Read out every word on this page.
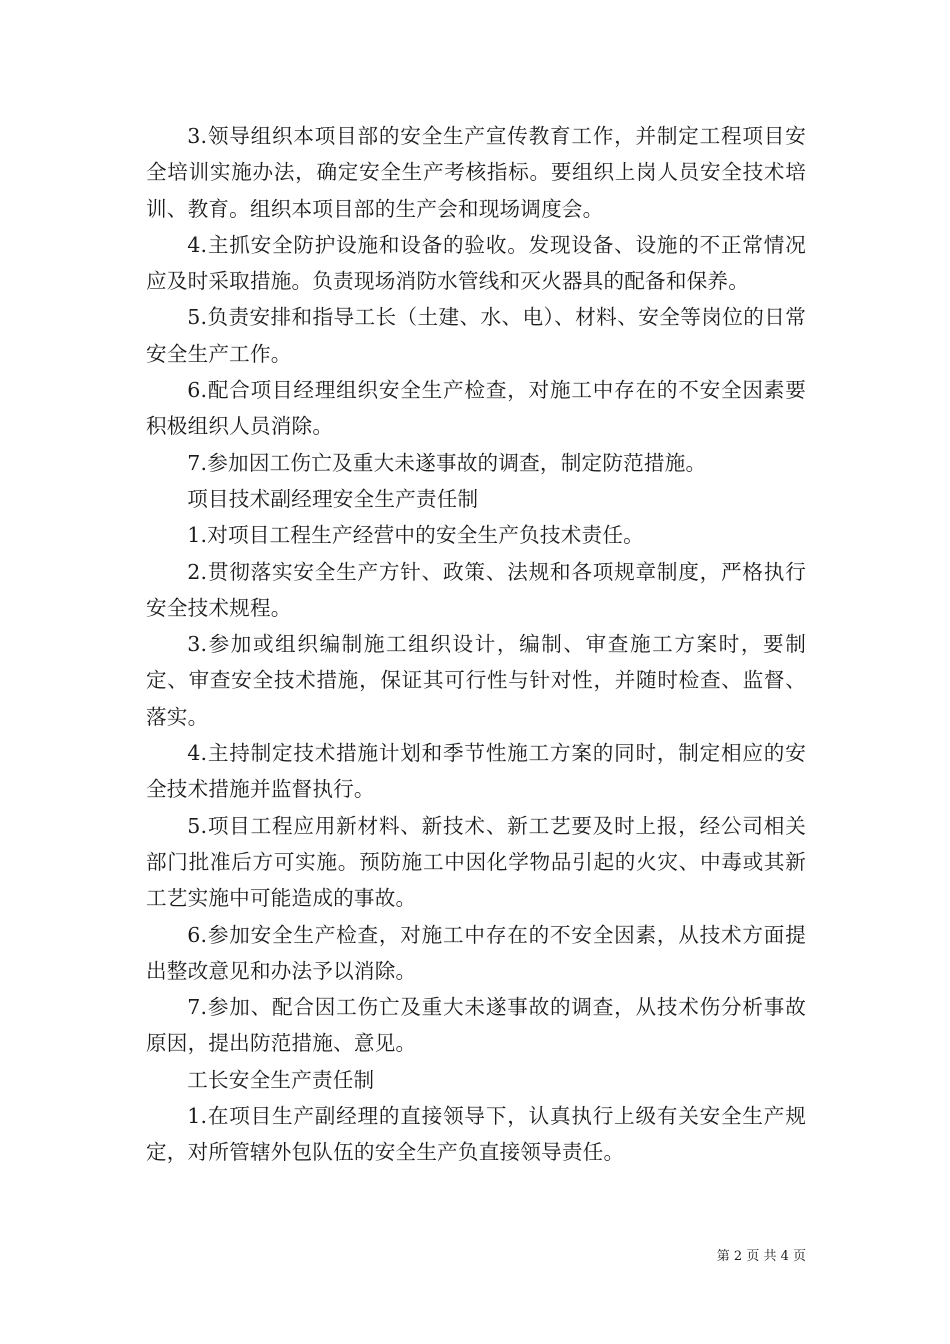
3.领导组织本项目部的安全生产宣传教育工作，并制定工程项目安全培训实施办法，确定安全生产考核指标。要组织上岗人员安全技术培训、教育。组织本项目部的生产会和现场调度会。

4.主抓安全防护设施和设备的验收。发现设备、设施的不正常情况应及时采取措施。负责现场消防水管线和灭火器具的配备和保养。

5.负责安排和指导工长（土建、水、电）、材料、安全等岗位的日常安全生产工作。

6.配合项目经理组织安全生产检查，对施工中存在的不安全因素要积极组织人员消除。

7.参加因工伤亡及重大未遂事故的调查，制定防范措施。

项目技术副经理安全生产责任制

1.对项目工程生产经营中的安全生产负技术责任。

2.贯彻落实安全生产方针、政策、法规和各项规章制度，严格执行安全技术规程。

3.参加或组织编制施工组织设计，编制、审查施工方案时，要制定、审查安全技术措施，保证其可行性与针对性，并随时检查、监督、落实。

4.主持制定技术措施计划和季节性施工方案的同时，制定相应的安全技术措施并监督执行。

5.项目工程应用新材料、新技术、新工艺要及时上报，经公司相关部门批准后方可实施。预防施工中因化学物品引起的火灾、中毒或其新工艺实施中可能造成的事故。

6.参加安全生产检查，对施工中存在的不安全因素，从技术方面提出整改意见和办法予以消除。

7.参加、配合因工伤亡及重大未遂事故的调查，从技术伤分析事故原因，提出防范措施、意见。

工长安全生产责任制

1.在项目生产副经理的直接领导下，认真执行上级有关安全生产规定，对所管辖外包队伍的安全生产负直接领导责任。

第 2 页 共 4 页
